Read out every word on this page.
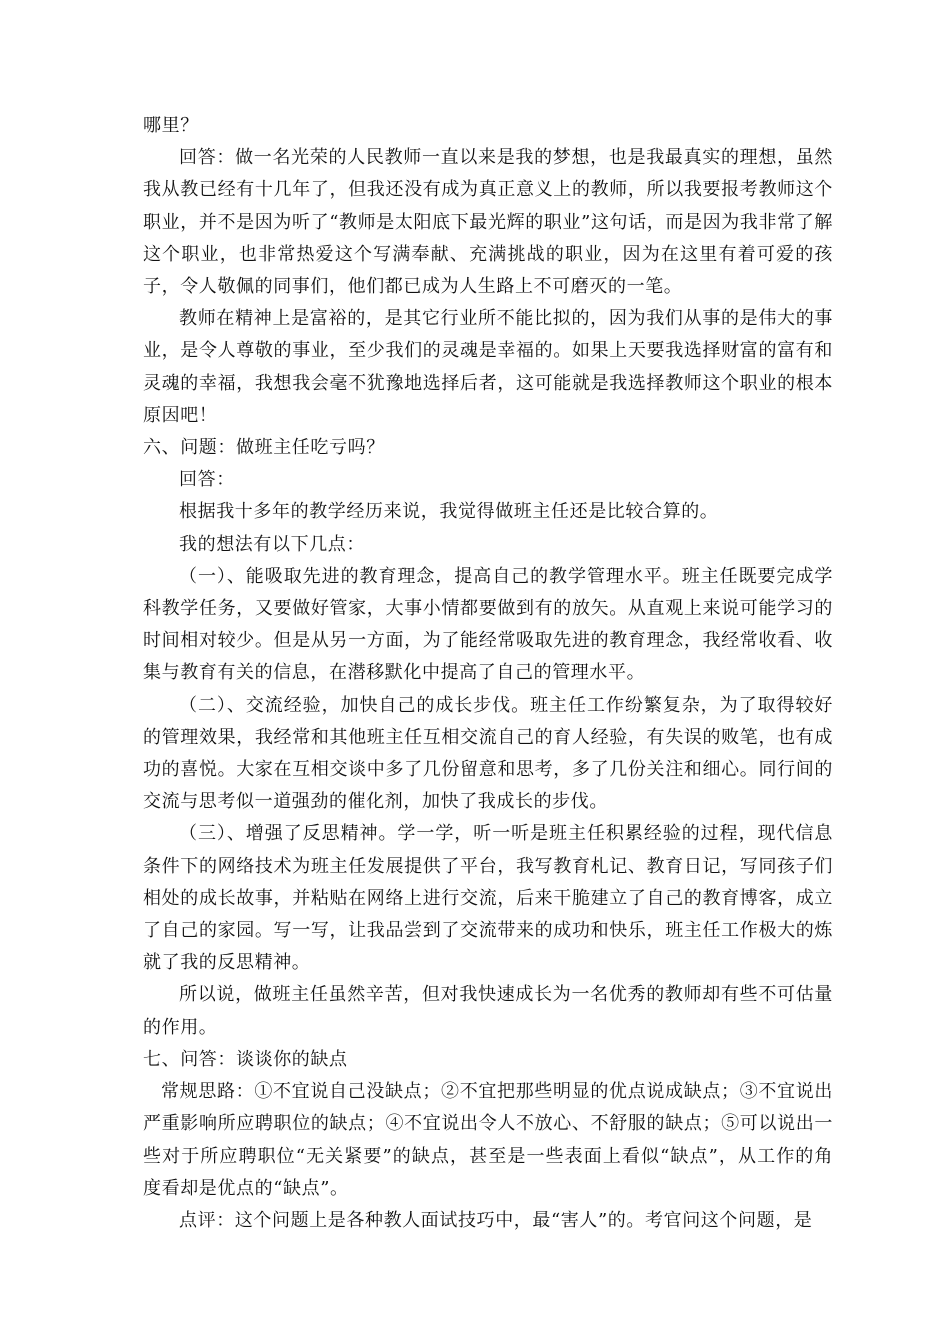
哪里？

回答：做一名光荣的人民教师一直以来是我的梦想，也是我最真实的理想，虽然我从教已经有十几年了，但我还没有成为真正意义上的教师，所以我要报考教师这个职业，并不是因为听了“教师是太阳底下最光辉的职业”这句话，而是因为我非常了解这个职业，也非常热爱这个写满奉献、充满挑战的职业，因为在这里有着可爱的孩子，令人敬佩的同事们，他们都已成为人生路上不可磨灭的一笔。

教师在精神上是富裕的，是其它行业所不能比拟的，因为我们从事的是伟大的事业，是令人尊敬的事业，至少我们的灵魂是幸福的。如果上天要我选择财富的富有和灵魂的幸福，我想我会毫不犹豫地选择后者，这可能就是我选择教师这个职业的根本原因吧！

六、问题：做班主任吃亏吗？

回答：

根据我十多年的教学经历来说，我觉得做班主任还是比较合算的。

我的想法有以下几点：

（一）、能吸取先进的教育理念，提高自己的教学管理水平。班主任既要完成学科教学任务，又要做好管家，大事小情都要做到有的放矢。从直观上来说可能学习的时间相对较少。但是从另一方面，为了能经常吸取先进的教育理念，我经常收看、收集与教育有关的信息，在潜移默化中提高了自己的管理水平。

（二）、交流经验，加快自己的成长步伐。班主任工作纷繁复杂，为了取得较好的管理效果，我经常和其他班主任互相交流自己的育人经验，有失误的败笔，也有成功的喜悦。大家在互相交谈中多了几份留意和思考，多了几份关注和细心。同行间的交流与思考似一道强劲的催化剂，加快了我成长的步伐。

（三）、增强了反思精神。学一学，听一听是班主任积累经验的过程，现代信息条件下的网络技术为班主任发展提供了平台，我写教育札记、教育日记，写同孩子们相处的成长故事，并粘贴在网络上进行交流，后来干脆建立了自己的教育博客，成立了自己的家园。写一写，让我品尝到了交流带来的成功和快乐，班主任工作极大的炼就了我的反思精神。

所以说，做班主任虽然辛苦，但对我快速成长为一名优秀的教师却有些不可估量的作用。

七、问答：谈谈你的缺点

常规思路：①不宜说自己没缺点；②不宜把那些明显的优点说成缺点；③不宜说出严重影响所应聘职位的缺点；④不宜说出令人不放心、不舒服的缺点；⑤可以说出一些对于所应聘职位“无关紧要”的缺点，甚至是一些表面上看似“缺点”，从工作的角度看却是优点的“缺点”。

点评：这个问题上是各种教人面试技巧中，最“害人”的。考官问这个问题，是
